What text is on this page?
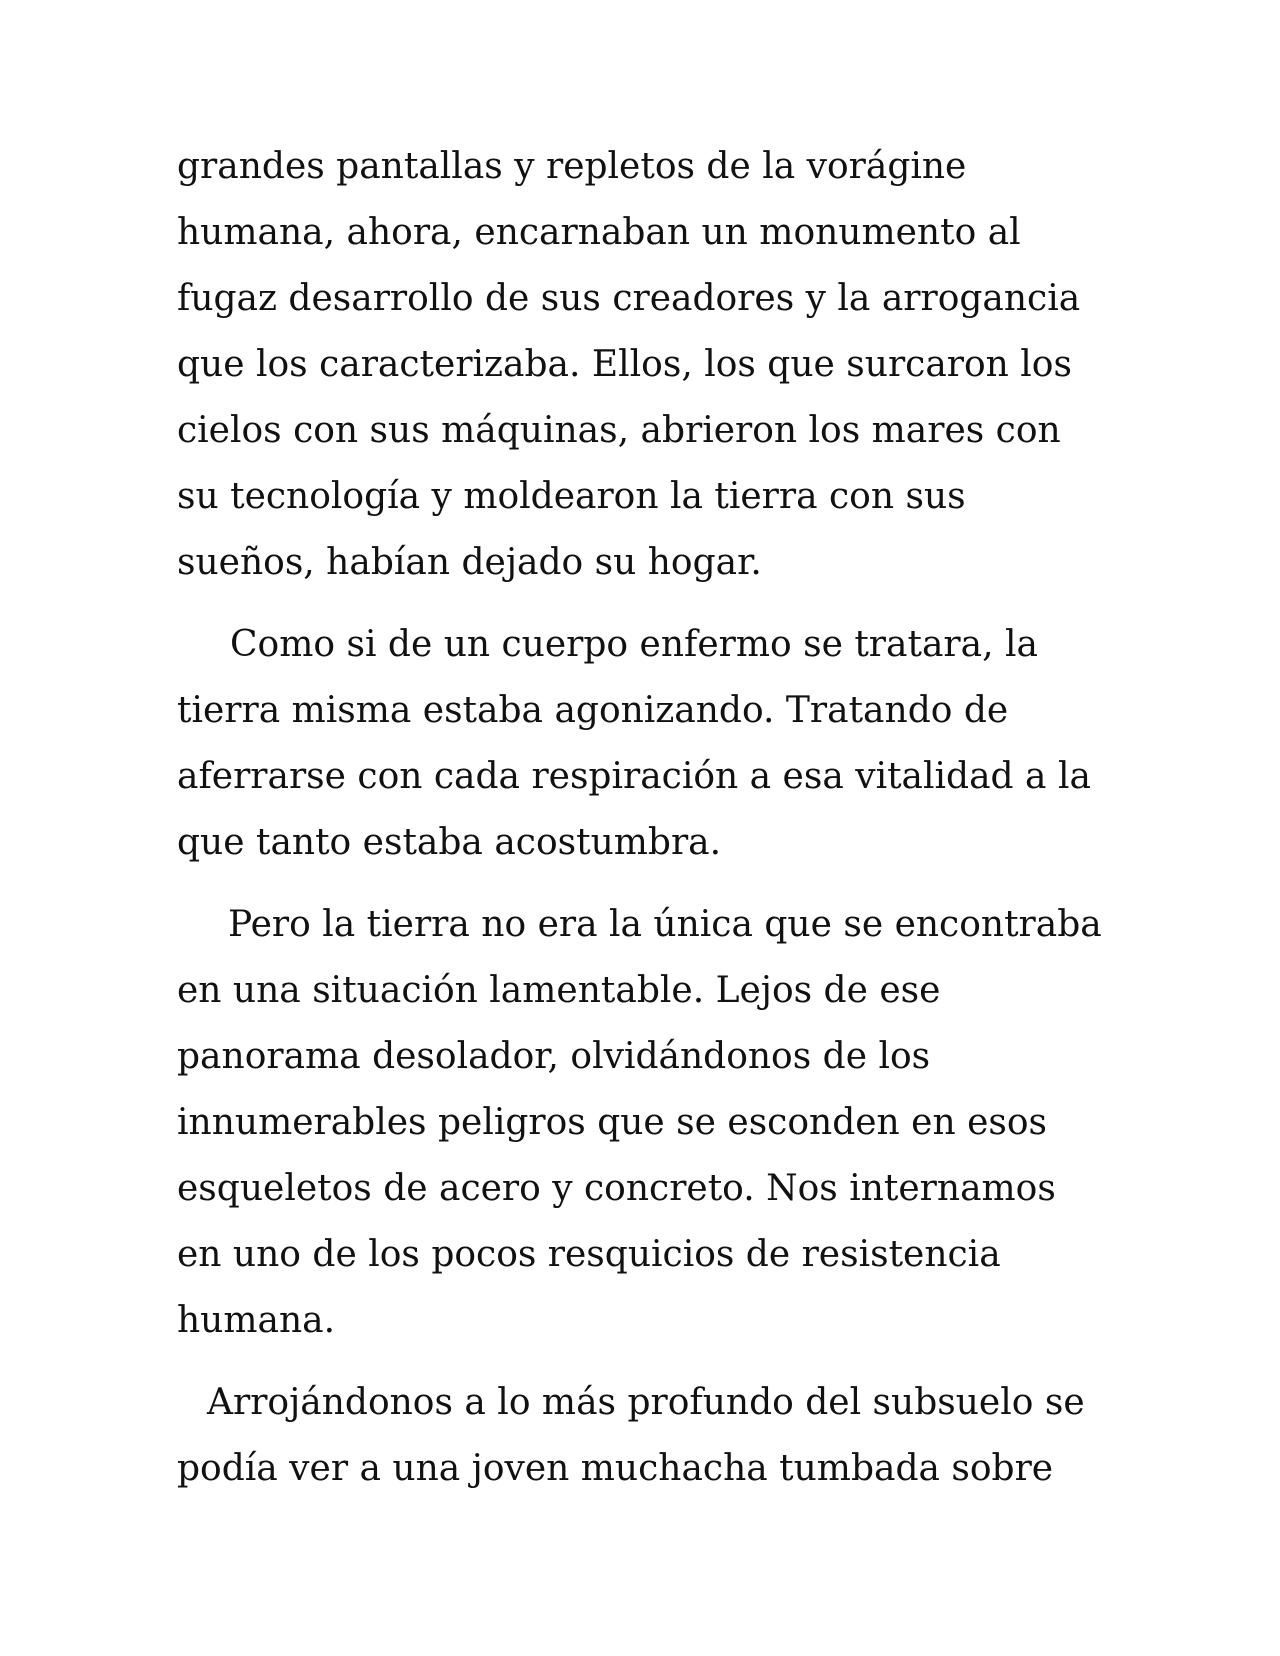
grandes pantallas y repletos de la vorágine
humana, ahora, encarnaban un monumento al
fugaz desarrollo de sus creadores y la arrogancia
que los caracterizaba. Ellos, los que surcaron los
cielos con sus máquinas, abrieron los mares con
su tecnología y moldearon la tierra con sus
sueños, habían dejado su hogar.

Como si de un cuerpo enfermo se tratara, la
tierra misma estaba agonizando. Tratando de
aferrarse con cada respiración a esa vitalidad a la
que tanto estaba acostumbra.

Pero la tierra no era la única que se encontraba
en una situación lamentable. Lejos de ese
panorama desolador, olvidándonos de los
innumerables peligros que se esconden en esos
esqueletos de acero y concreto. Nos internamos
en uno de los pocos resquicios de resistencia
humana.

Arrojándonos a lo más profundo del subsuelo se
podía ver a una joven muchacha tumbada sobre
